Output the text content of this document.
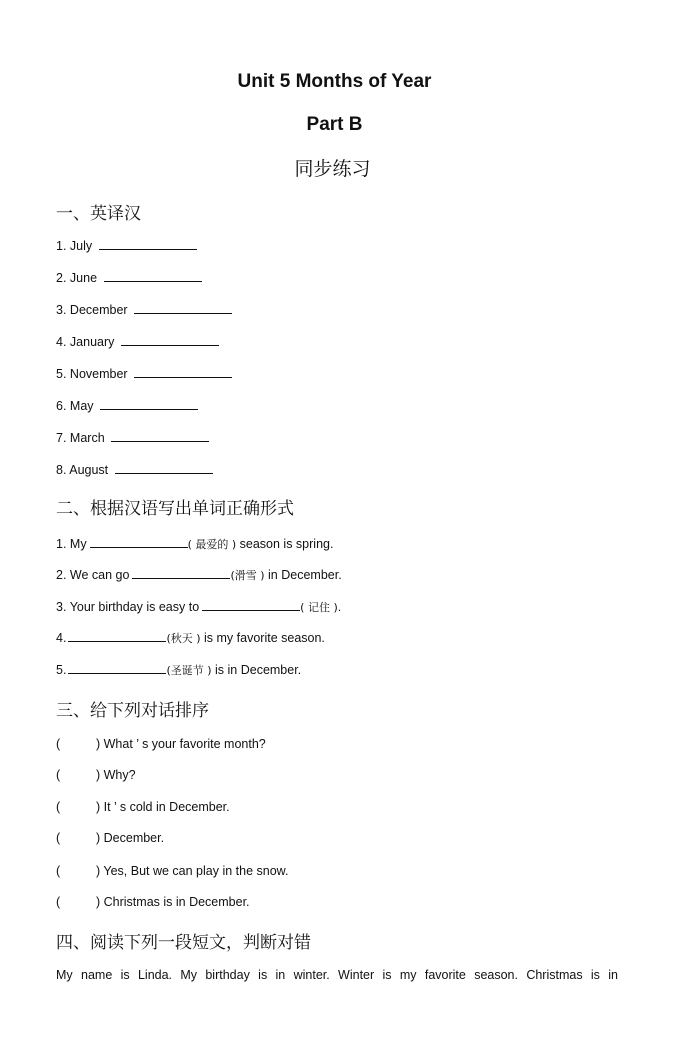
Unit 5 Months of Year
Part B
同步练习
一、英译汉
1. July
2. June
3. December
4. January
5. November
6. May
7. March
8. August
二、根据汉语写出单词正确形式
1. My	( 最爱的 ) season is spring.
2. We can go	(滑雪 ) in December.
3. Your birthday is easy to	( 记住 ).
4.	(秋天 ) is my favorite season.
5.	(圣诞节 ) is in December.
三、给下列对话排序
(	) What ’ s your favorite month?
(	) Why?
(	) It ’ s cold in December.
(	) December.
(	) Yes, But we can play in the snow.
(	) Christmas is in December.
四、阅读下列一段短文，判断对错
My name is Linda. My birthday is in winter. Winter is my favorite season. Christmas is in
